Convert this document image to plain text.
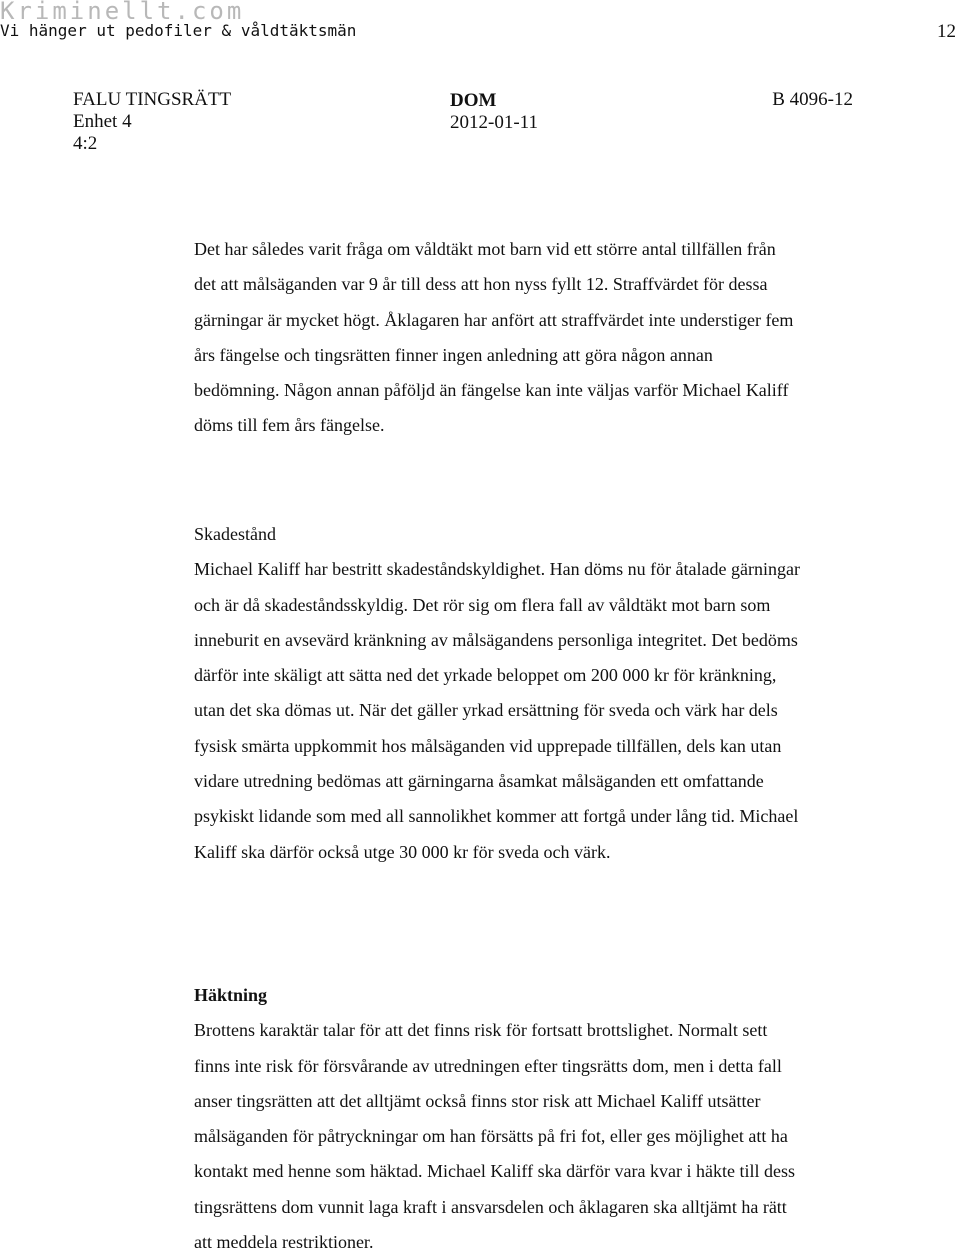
Kriminellt.com
Vi hänger ut pedofiler & våldtäktsmän	12
FALU TINGSRÄTT
Enhet 4
4:2
DOM
2012-01-11
B 4096-12
Det har således varit fråga om våldtäkt mot barn vid ett större antal tillfällen från
det att målsäganden var 9 år till dess att hon nyss fyllt 12. Straffvärdet för dessa
gärningar är mycket högt. Åklagaren har anfört att straffvärdet inte understiger fem
års fängelse och tingsrätten finner ingen anledning att göra någon annan
bedömning. Någon annan påföljd än fängelse kan inte väljas varför Michael Kaliff
döms till fem års fängelse.
Skadestånd
Michael Kaliff har bestritt skadeståndskyldighet. Han döms nu för åtalade gärningar
och är då skadeståndsskyldig. Det rör sig om flera fall av våldtäkt mot barn som
inneburit en avsevärd kränkning av målsägandens personliga integritet. Det bedöms
därför inte skäligt att sätta ned det yrkade beloppet om 200 000 kr för kränkning,
utan det ska dömas ut. När det gäller yrkad ersättning för sveda och värk har dels
fysisk smärta uppkommit hos målsäganden vid upprepade tillfällen, dels kan utan
vidare utredning bedömas att gärningarna åsamkat målsäganden ett omfattande
psykiskt lidande som med all sannolikhet kommer att fortgå under lång tid. Michael
Kaliff ska därför också utge 30 000 kr för sveda och värk.
Häktning
Brottens karaktär talar för att det finns risk för fortsatt brottslighet. Normalt sett
finns inte risk för försvårande av utredningen efter tingsrätts dom, men i detta fall
anser tingsrätten att det alltjämt också finns stor risk att Michael Kaliff utsätter
målsäganden för påtryckningar om han försätts på fri fot, eller ges möjlighet att ha
kontakt med henne som häktad. Michael Kaliff ska därför vara kvar i häkte till dess
tingsrättens dom vunnit laga kraft i ansvarsdelen och åklagaren ska alltjämt ha rätt
att meddela restriktioner.
